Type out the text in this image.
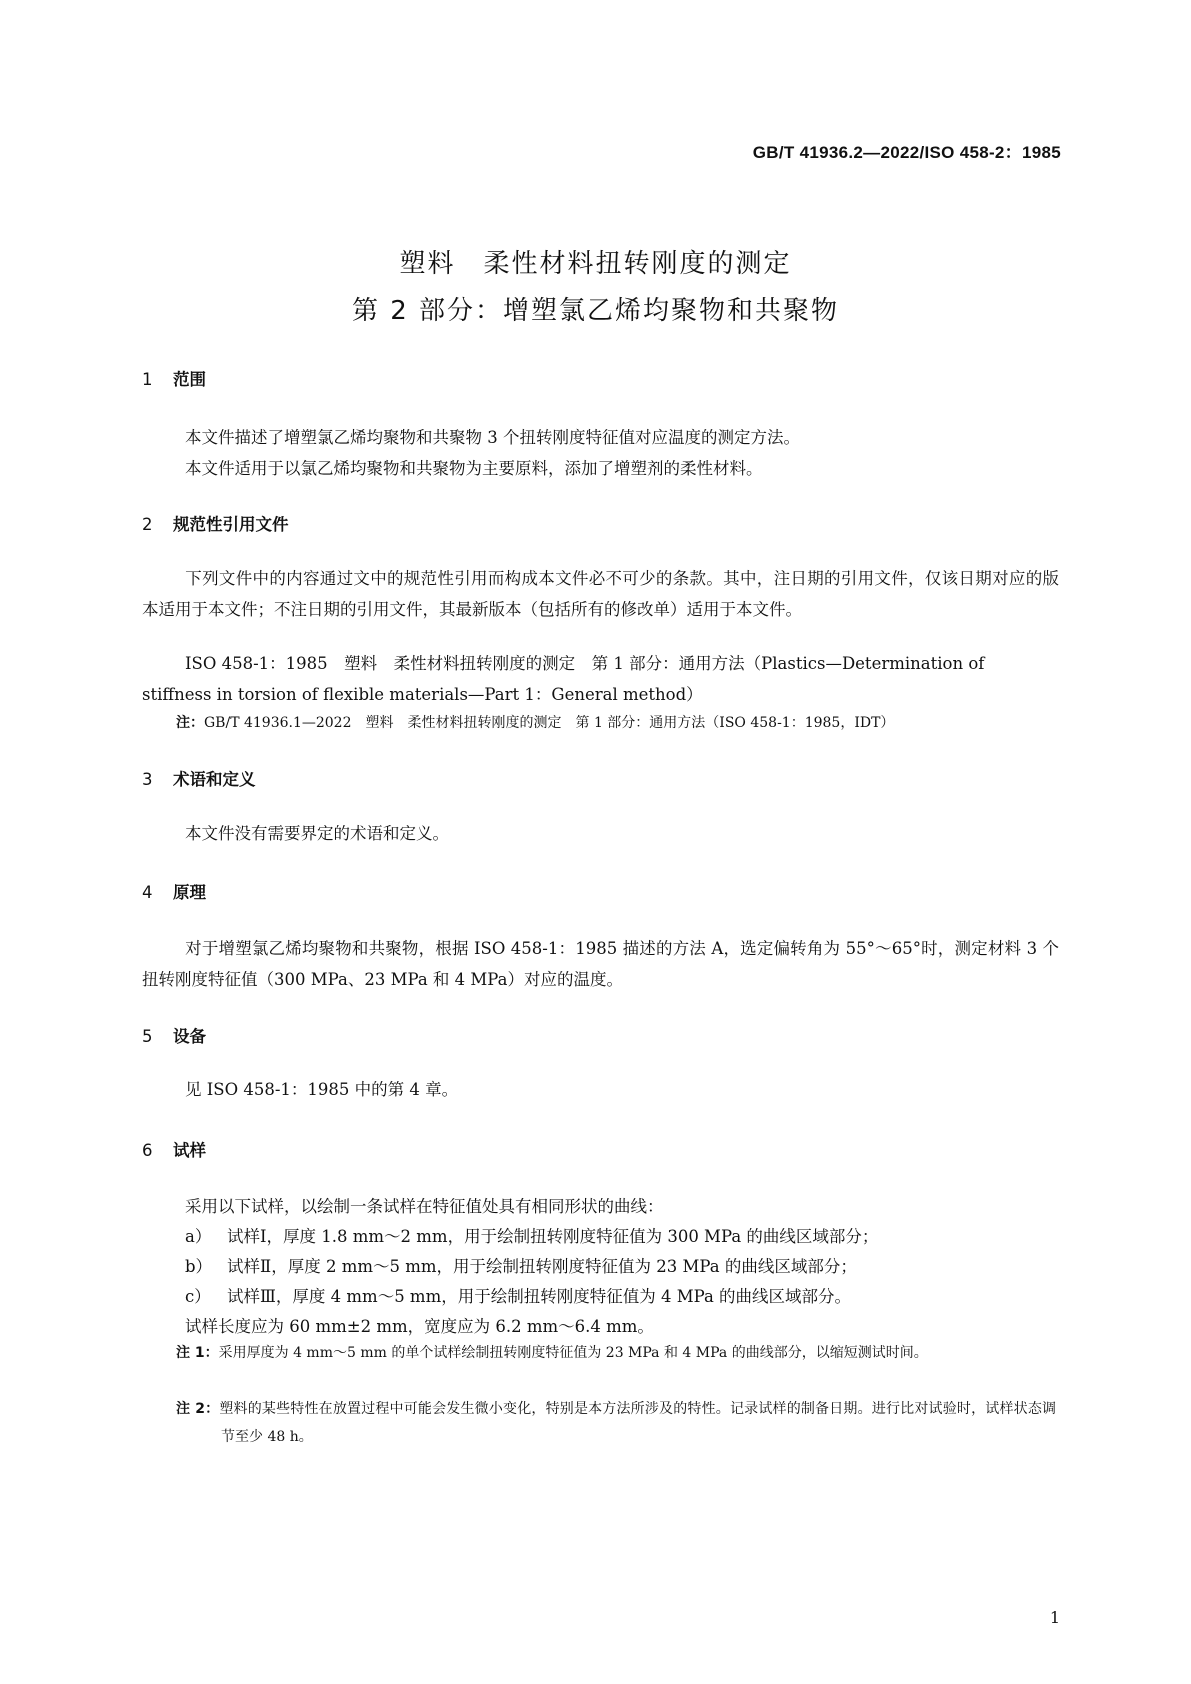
GB/T 41936.2—2022/ISO 458-2：1985
塑料　柔性材料扭转刚度的测定
第 2 部分：增塑氯乙烯均聚物和共聚物
1 范围
本文件描述了增塑氯乙烯均聚物和共聚物 3 个扭转刚度特征值对应温度的测定方法。
本文件适用于以氯乙烯均聚物和共聚物为主要原料，添加了增塑剂的柔性材料。
2 规范性引用文件
下列文件中的内容通过文中的规范性引用而构成本文件必不可少的条款。其中，注日期的引用文件，仅该日期对应的版本适用于本文件；不注日期的引用文件，其最新版本（包括所有的修改单）适用于本文件。
ISO 458-1：1985　塑料　柔性材料扭转刚度的测定　第 1 部分：通用方法（Plastics—Determination of stiffness in torsion of flexible materials—Part 1：General method）
注：GB/T 41936.1—2022　塑料　柔性材料扭转刚度的测定　第 1 部分：通用方法（ISO 458-1：1985，IDT）
3 术语和定义
本文件没有需要界定的术语和定义。
4 原理
对于增塑氯乙烯均聚物和共聚物，根据 ISO 458-1：1985 描述的方法 A，选定偏转角为 55°～65°时，测定材料 3 个扭转刚度特征值（300 MPa、23 MPa 和 4 MPa）对应的温度。
5 设备
见 ISO 458-1：1985 中的第 4 章。
6 试样
采用以下试样，以绘制一条试样在特征值处具有相同形状的曲线：
a） 试样Ⅰ，厚度 1.8 mm～2 mm，用于绘制扭转刚度特征值为 300 MPa 的曲线区域部分；
b） 试样Ⅱ，厚度 2 mm～5 mm，用于绘制扭转刚度特征值为 23 MPa 的曲线区域部分；
c） 试样Ⅲ，厚度 4 mm～5 mm，用于绘制扭转刚度特征值为 4 MPa 的曲线区域部分。
试样长度应为 60 mm±2 mm，宽度应为 6.2 mm～6.4 mm。
注 1：采用厚度为 4 mm～5 mm 的单个试样绘制扭转刚度特征值为 23 MPa 和 4 MPa 的曲线部分，以缩短测试时间。
注 2：塑料的某些特性在放置过程中可能会发生微小变化，特别是本方法所涉及的特性。记录试样的制备日期。进行比对试验时，试样状态调节至少 48 h。
1
